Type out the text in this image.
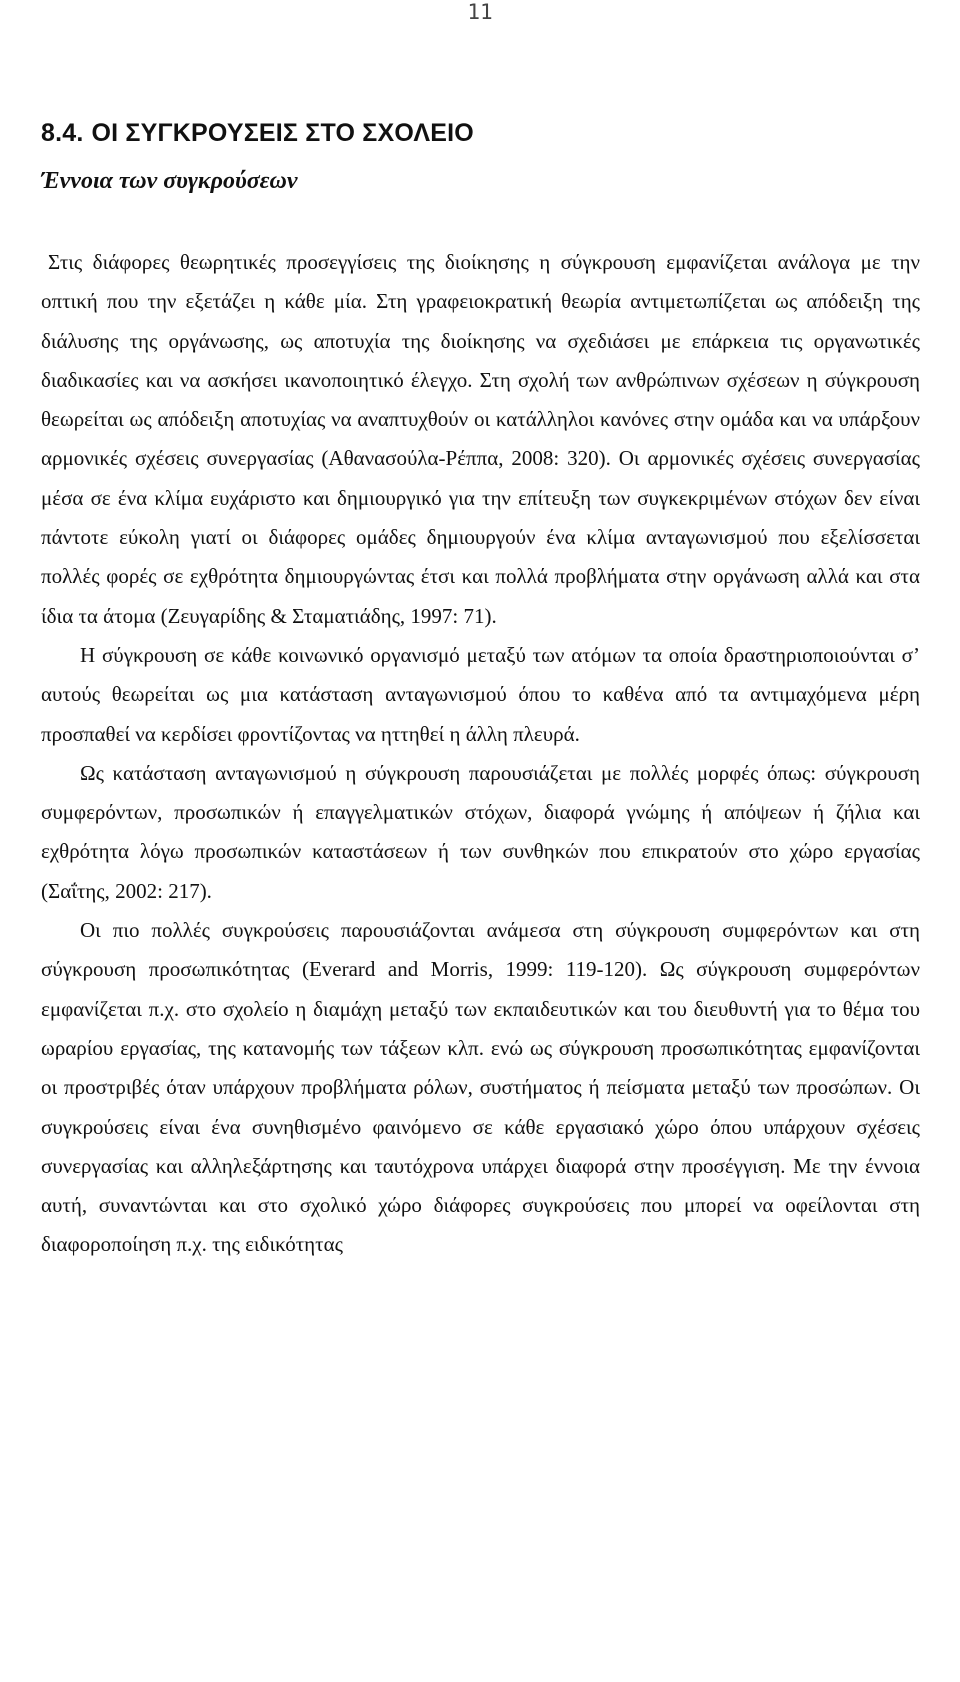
11
8.4. ΟΙ ΣΥΓΚΡΟΥΣΕΙΣ ΣΤΟ ΣΧΟΛΕΙΟ
Έννοια των συγκρούσεων

Στις διάφορες θεωρητικές προσεγγίσεις της διοίκησης η σύγκρουση εμφανίζεται ανάλογα με την οπτική που την εξετάζει η κάθε μία. Στη γραφειοκρατική θεωρία αντιμετωπίζεται ως απόδειξη της διάλυσης της οργάνωσης, ως αποτυχία της διοίκησης να σχεδιάσει με επάρκεια τις οργανωτικές διαδικασίες και να ασκήσει ικανοποιητικό έλεγχο. Στη σχολή των ανθρώπινων σχέσεων η σύγκρουση θεωρείται ως απόδειξη αποτυχίας να αναπτυχθούν οι κατάλληλοι κανόνες στην ομάδα και να υπάρξουν αρμονικές σχέσεις συνεργασίας (Αθανασούλα-Ρέππα, 2008: 320). Οι αρμονικές σχέσεις συνεργασίας μέσα σε ένα κλίμα ευχάριστο και δημιουργικό για την επίτευξη των συγκεκριμένων στόχων δεν είναι πάντοτε εύκολη γιατί οι διάφορες ομάδες δημιουργούν ένα κλίμα ανταγωνισμού που εξελίσσεται πολλές φορές σε εχθρότητα δημιουργώντας έτσι και πολλά προβλήματα στην οργάνωση αλλά και στα ίδια τα άτομα (Ζευγαρίδης & Σταματιάδης, 1997: 71).

Η σύγκρουση σε κάθε κοινωνικό οργανισμό μεταξύ των ατόμων τα οποία δραστηριοποιούνται σ’ αυτούς θεωρείται ως μια κατάσταση ανταγωνισμού όπου το καθένα από τα αντιμαχόμενα μέρη προσπαθεί να κερδίσει φροντίζοντας να ηττηθεί η άλλη πλευρά.

Ως κατάσταση ανταγωνισμού η σύγκρουση παρουσιάζεται με πολλές μορφές όπως: σύγκρουση συμφερόντων, προσωπικών ή επαγγελματικών στόχων, διαφορά γνώμης ή απόψεων ή ζήλια και εχθρότητα λόγω προσωπικών καταστάσεων ή των συνθηκών που επικρατούν στο χώρο εργασίας (Σαΐτης, 2002: 217).

Οι πιο πολλές συγκρούσεις παρουσιάζονται ανάμεσα στη σύγκρουση συμφερόντων και στη σύγκρουση προσωπικότητας (Everard and Morris, 1999: 119-120). Ως σύγκρουση συμφερόντων εμφανίζεται π.χ. στο σχολείο η διαμάχη μεταξύ των εκπαιδευτικών και του διευθυντή για το θέμα του ωραρίου εργασίας, της κατανομής των τάξεων κλπ. ενώ ως σύγκρουση προσωπικότητας εμφανίζονται οι προστριβές όταν υπάρχουν προβλήματα ρόλων, συστήματος ή πείσματα μεταξύ των προσώπων. Οι συγκρούσεις είναι ένα συνηθισμένο φαινόμενο σε κάθε εργασιακό χώρο όπου υπάρχουν σχέσεις συνεργασίας και αλληλεξάρτησης και ταυτόχρονα υπάρχει διαφορά στην προσέγγιση. Με την έννοια αυτή, συναντώνται και στο σχολικό χώρο διάφορες συγκρούσεις που μπορεί να οφείλονται στη διαφοροποίηση π.χ. της ειδικότητας
